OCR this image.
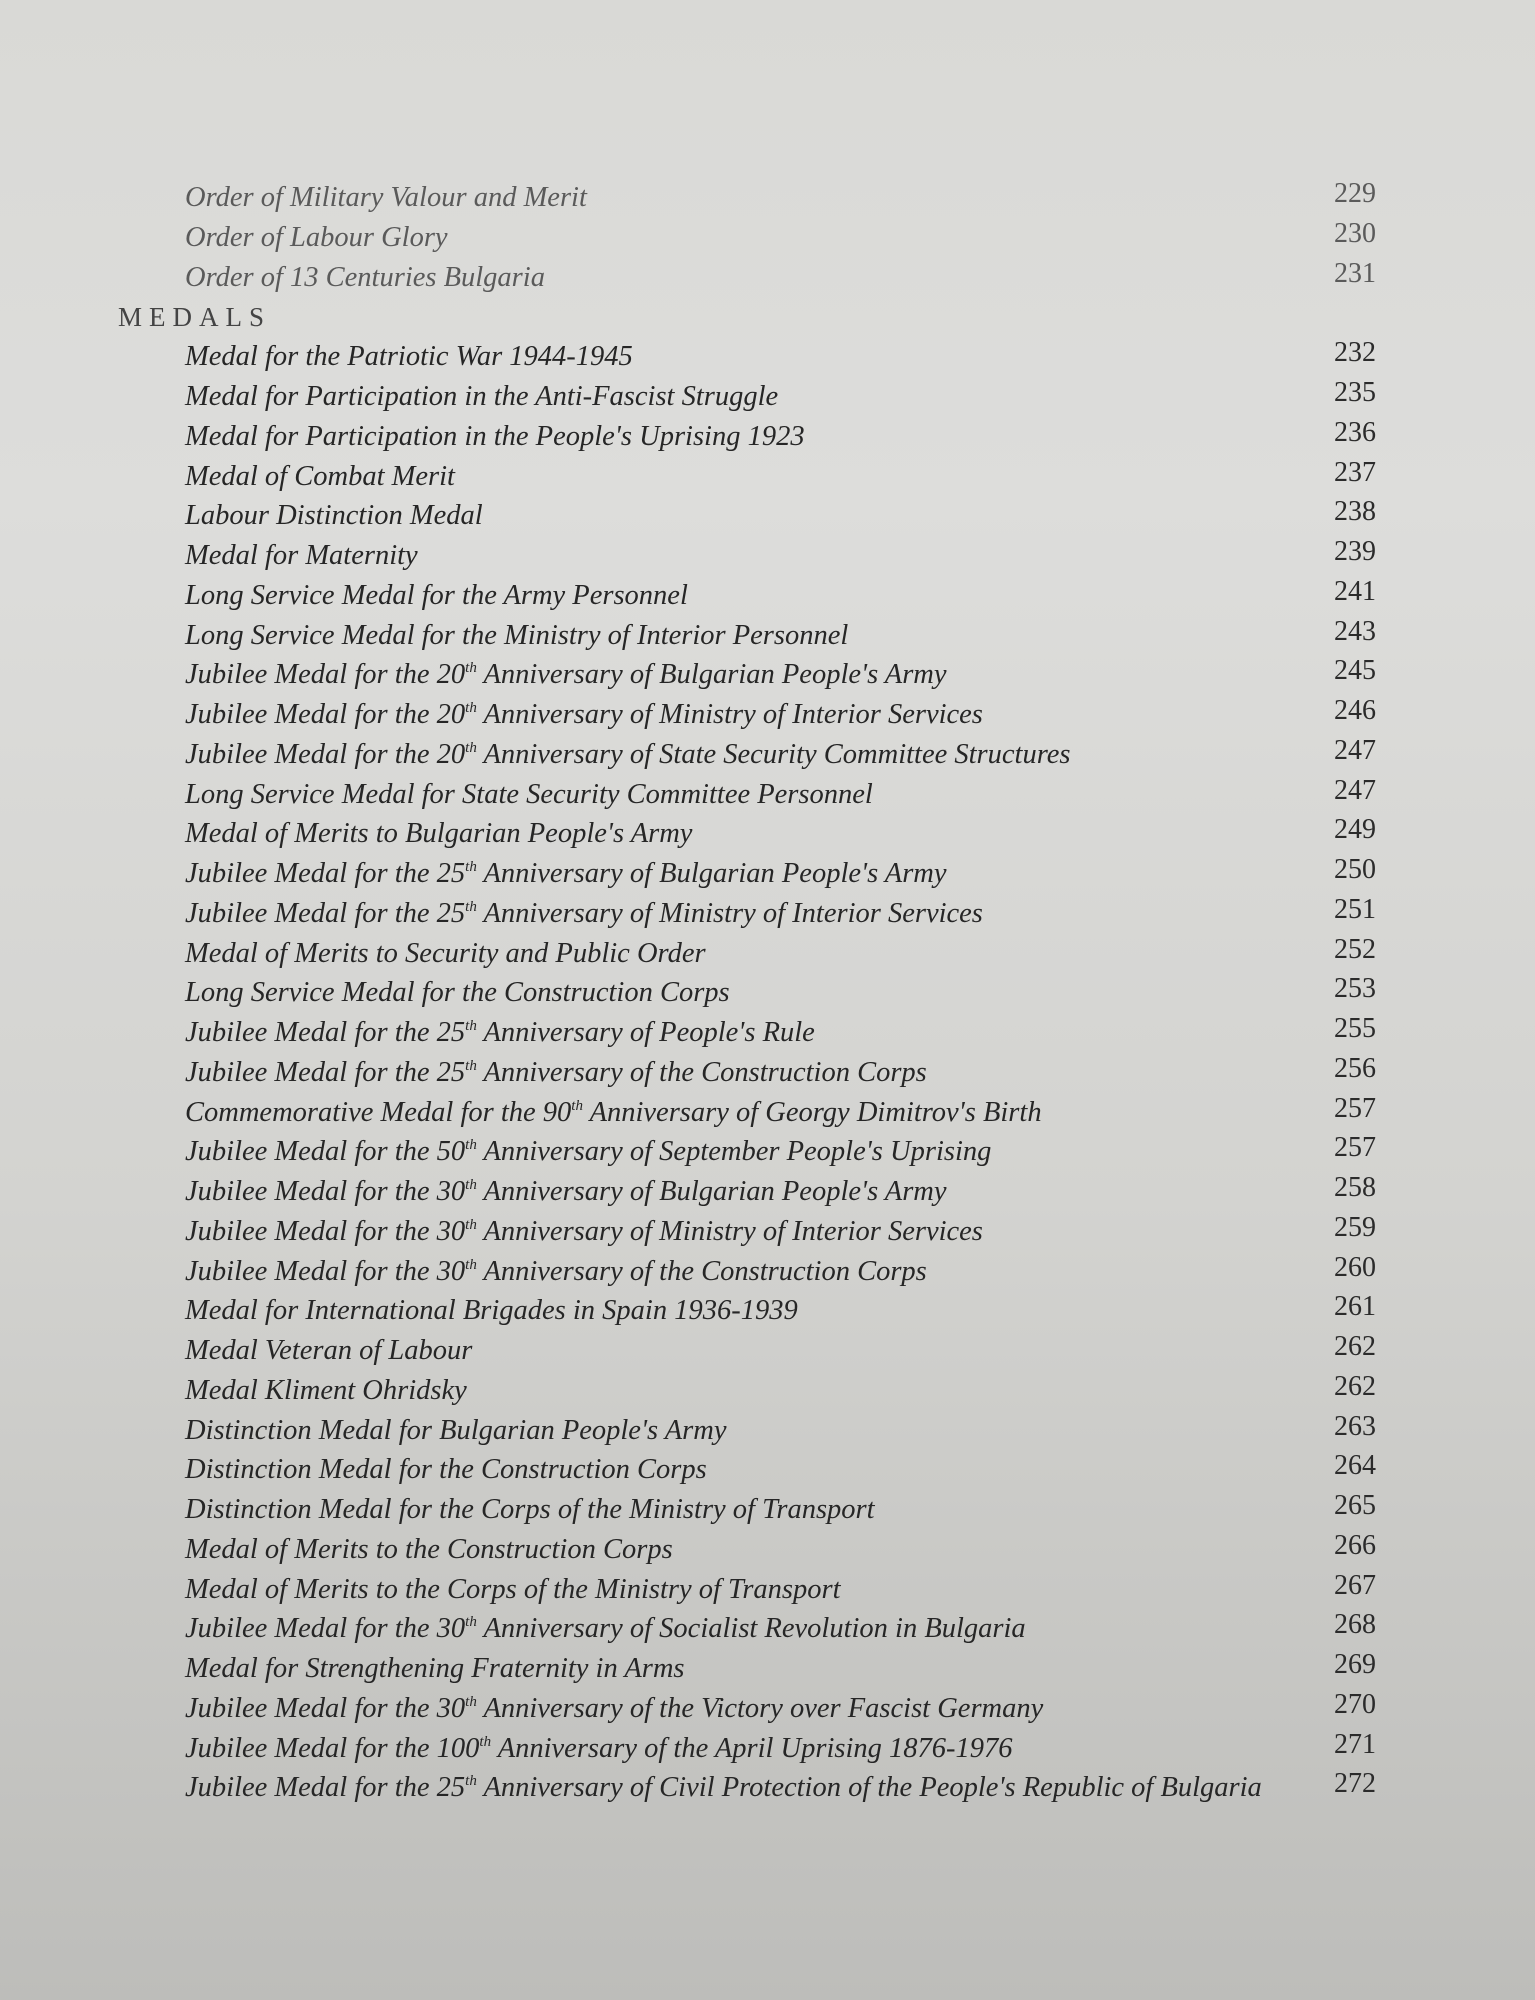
Order of Military Valour and Merit	229
Order of Labour Glory	230
Order of 13 Centuries Bulgaria	231
MEDALS
Medal for the Patriotic War 1944-1945	232
Medal for Participation in the Anti-Fascist Struggle	235
Medal for Participation in the People's Uprising 1923	236
Medal of Combat Merit	237
Labour Distinction Medal	238
Medal for Maternity	239
Long Service Medal for the Army Personnel	241
Long Service Medal for the Ministry of Interior Personnel	243
Jubilee Medal for the 20th Anniversary of Bulgarian People's Army	245
Jubilee Medal for the 20th Anniversary of Ministry of Interior Services	246
Jubilee Medal for the 20th Anniversary of State Security Committee Structures	247
Long Service Medal for State Security Committee Personnel	247
Medal of Merits to Bulgarian People's Army	249
Jubilee Medal for the 25th Anniversary of Bulgarian People's Army	250
Jubilee Medal for the 25th Anniversary of Ministry of Interior Services	251
Medal of Merits to Security and Public Order	252
Long Service Medal for the Construction Corps	253
Jubilee Medal for the 25th Anniversary of People's Rule	255
Jubilee Medal for the 25th Anniversary of the Construction Corps	256
Commemorative Medal for the 90th Anniversary of Georgy Dimitrov's Birth	257
Jubilee Medal for the 50th Anniversary of September People's Uprising	257
Jubilee Medal for the 30th Anniversary of Bulgarian People's Army	258
Jubilee Medal for the 30th Anniversary of Ministry of Interior Services	259
Jubilee Medal for the 30th Anniversary of the Construction Corps	260
Medal for International Brigades in Spain 1936-1939	261
Medal Veteran of Labour	262
Medal Kliment Ohridsky	262
Distinction Medal for Bulgarian People's Army	263
Distinction Medal for the Construction Corps	264
Distinction Medal for the Corps of the Ministry of Transport	265
Medal of Merits to the Construction Corps	266
Medal of Merits to the Corps of the Ministry of Transport	267
Jubilee Medal for the 30th Anniversary of Socialist Revolution in Bulgaria	268
Medal for Strengthening Fraternity in Arms	269
Jubilee Medal for the 30th Anniversary of the Victory over Fascist Germany	270
Jubilee Medal for the 100th Anniversary of the April Uprising 1876-1976	271
Jubilee Medal for the 25th Anniversary of Civil Protection of the People's Republic of Bulgaria	272
